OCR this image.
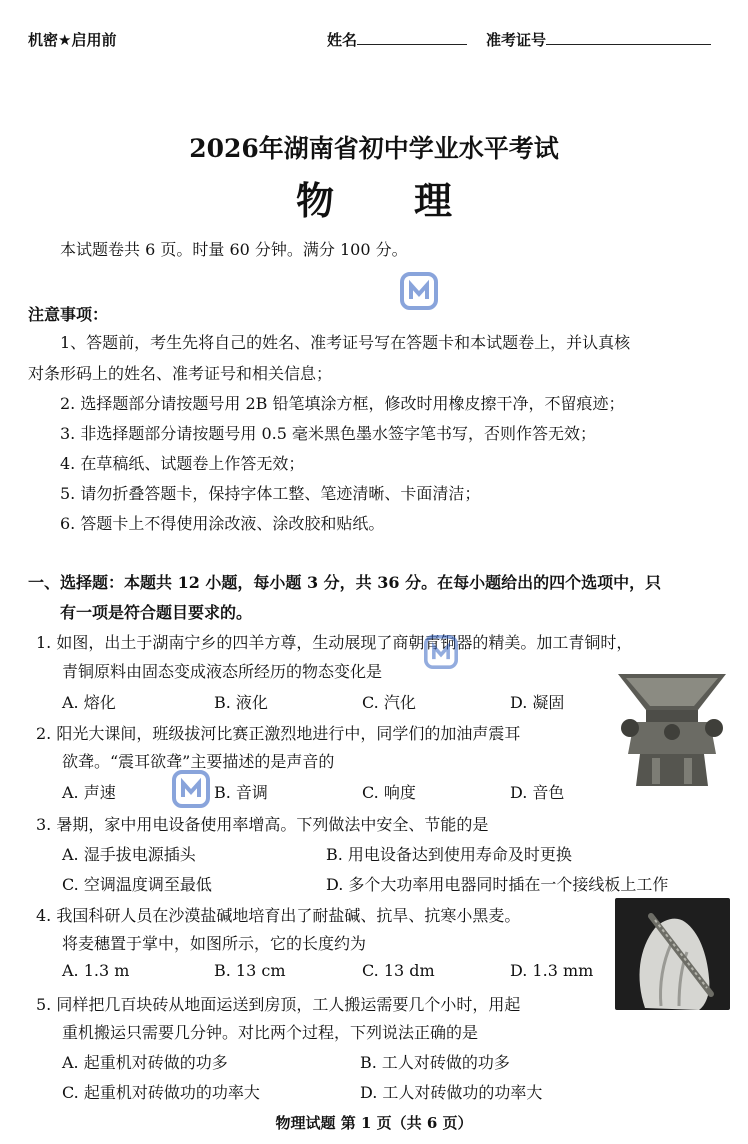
机密★启用前	姓名	准考证号
2026年湖南省初中学业水平考试
物理
本试题卷共 6 页。时量 60 分钟。满分 100 分。
注意事项：
1、答题前，考生先将自己的姓名、准考证号写在答题卡和本试题卷上，并认真核
对条形码上的姓名、准考证号和相关信息；
2. 选择题部分请按题号用 2B 铅笔填涂方框，修改时用橡皮擦干净，不留痕迹；
3. 非选择题部分请按题号用 0.5 毫米黑色墨水签字笔书写，否则作答无效；
4. 在草稿纸、试题卷上作答无效；
5. 请勿折叠答题卡，保持字体工整、笔迹清晰、卡面清洁；
6. 答题卡上不得使用涂改液、涂改胶和贴纸。
一、选择题：本题共 12 小题，每小题 3 分，共 36 分。在每小题给出的四个选项中，只
有一项是符合题目要求的。
1. 如图，出土于湖南宁乡的四羊方尊，生动展现了商朝青铜器的精美。加工青铜时，
青铜原料由固态变成液态所经历的物态变化是
A. 熔化	B. 液化	C. 汽化	D. 凝固
2. 阳光大课间，班级拔河比赛正激烈地进行中，同学们的加油声震耳
欲聋。“震耳欲聋”主要描述的是声音的
A. 声速	B. 音调	C. 响度	D. 音色
3. 暑期，家中用电设备使用率增高。下列做法中安全、节能的是
A. 湿手拔电源插头	B. 用电设备达到使用寿命及时更换
C. 空调温度调至最低	D. 多个大功率用电器同时插在一个接线板上工作
4. 我国科研人员在沙漠盐碱地培育出了耐盐碱、抗旱、抗寒小黑麦。
将麦穗置于掌中，如图所示，它的长度约为
A. 1.3 m	B. 13 cm	C. 13 dm	D. 1.3 mm
5. 同样把几百块砖从地面运送到房顶，工人搬运需要几个小时，用起
重机搬运只需要几分钟。对比两个过程，下列说法正确的是
A. 起重机对砖做的功多	B. 工人对砖做的功多
C. 起重机对砖做功的功率大	D. 工人对砖做功的功率大
物理试题 第 1 页（共 6 页）
